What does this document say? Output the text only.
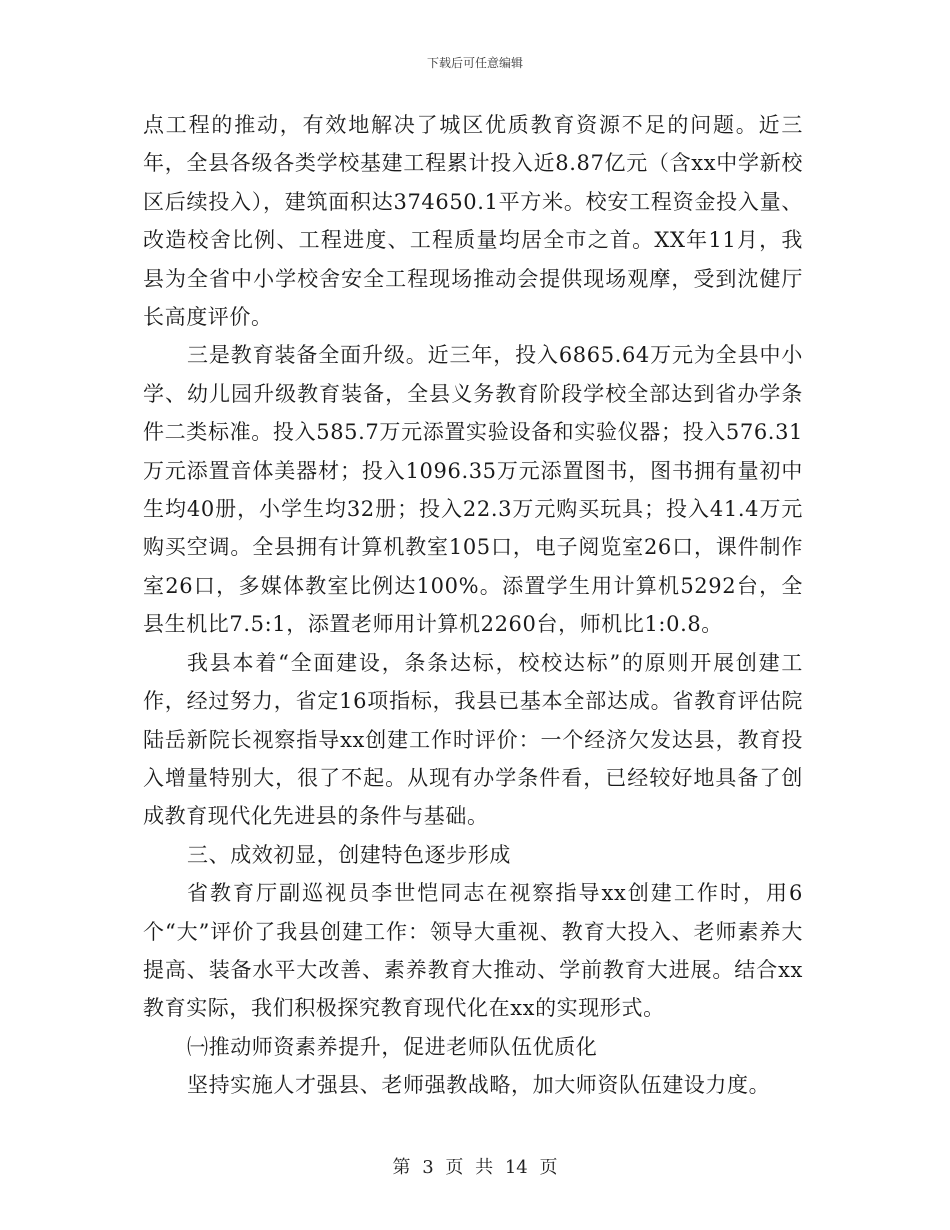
下载后可任意编辑

点工程的推动，有效地解决了城区优质教育资源不足的问题。近三年，全县各级各类学校基建工程累计投入近8.87亿元（含xx中学新校区后续投入），建筑面积达374650.1平方米。校安工程资金投入量、改造校舍比例、工程进度、工程质量均居全市之首。XX年11月，我县为全省中小学校舍安全工程现场推动会提供现场观摩，受到沈健厅长高度评价。

三是教育装备全面升级。近三年，投入6865.64万元为全县中小学、幼儿园升级教育装备，全县义务教育阶段学校全部达到省办学条件二类标准。投入585.7万元添置实验设备和实验仪器；投入576.31万元添置音体美器材；投入1096.35万元添置图书，图书拥有量初中生均40册，小学生均32册；投入22.3万元购买玩具；投入41.4万元购买空调。全县拥有计算机教室105口，电子阅览室26口，课件制作室26口，多媒体教室比例达100%。添置学生用计算机5292台，全县生机比7.5:1，添置老师用计算机2260台，师机比1:0.8。

我县本着“全面建设，条条达标，校校达标”的原则开展创建工作，经过努力，省定16项指标，我县已基本全部达成。省教育评估院陆岳新院长视察指导xx创建工作时评价：一个经济欠发达县，教育投入增量特别大，很了不起。从现有办学条件看，已经较好地具备了创成教育现代化先进县的条件与基础。

三、成效初显，创建特色逐步形成

省教育厅副巡视员李世恺同志在视察指导xx创建工作时，用6个“大”评价了我县创建工作：领导大重视、教育大投入、老师素养大提高、装备水平大改善、素养教育大推动、学前教育大进展。结合xx教育实际，我们积极探究教育现代化在xx的实现形式。

㈠推动师资素养提升，促进老师队伍优质化

坚持实施人才强县、老师强教战略，加大师资队伍建设力度。

第 3 页 共 14 页
